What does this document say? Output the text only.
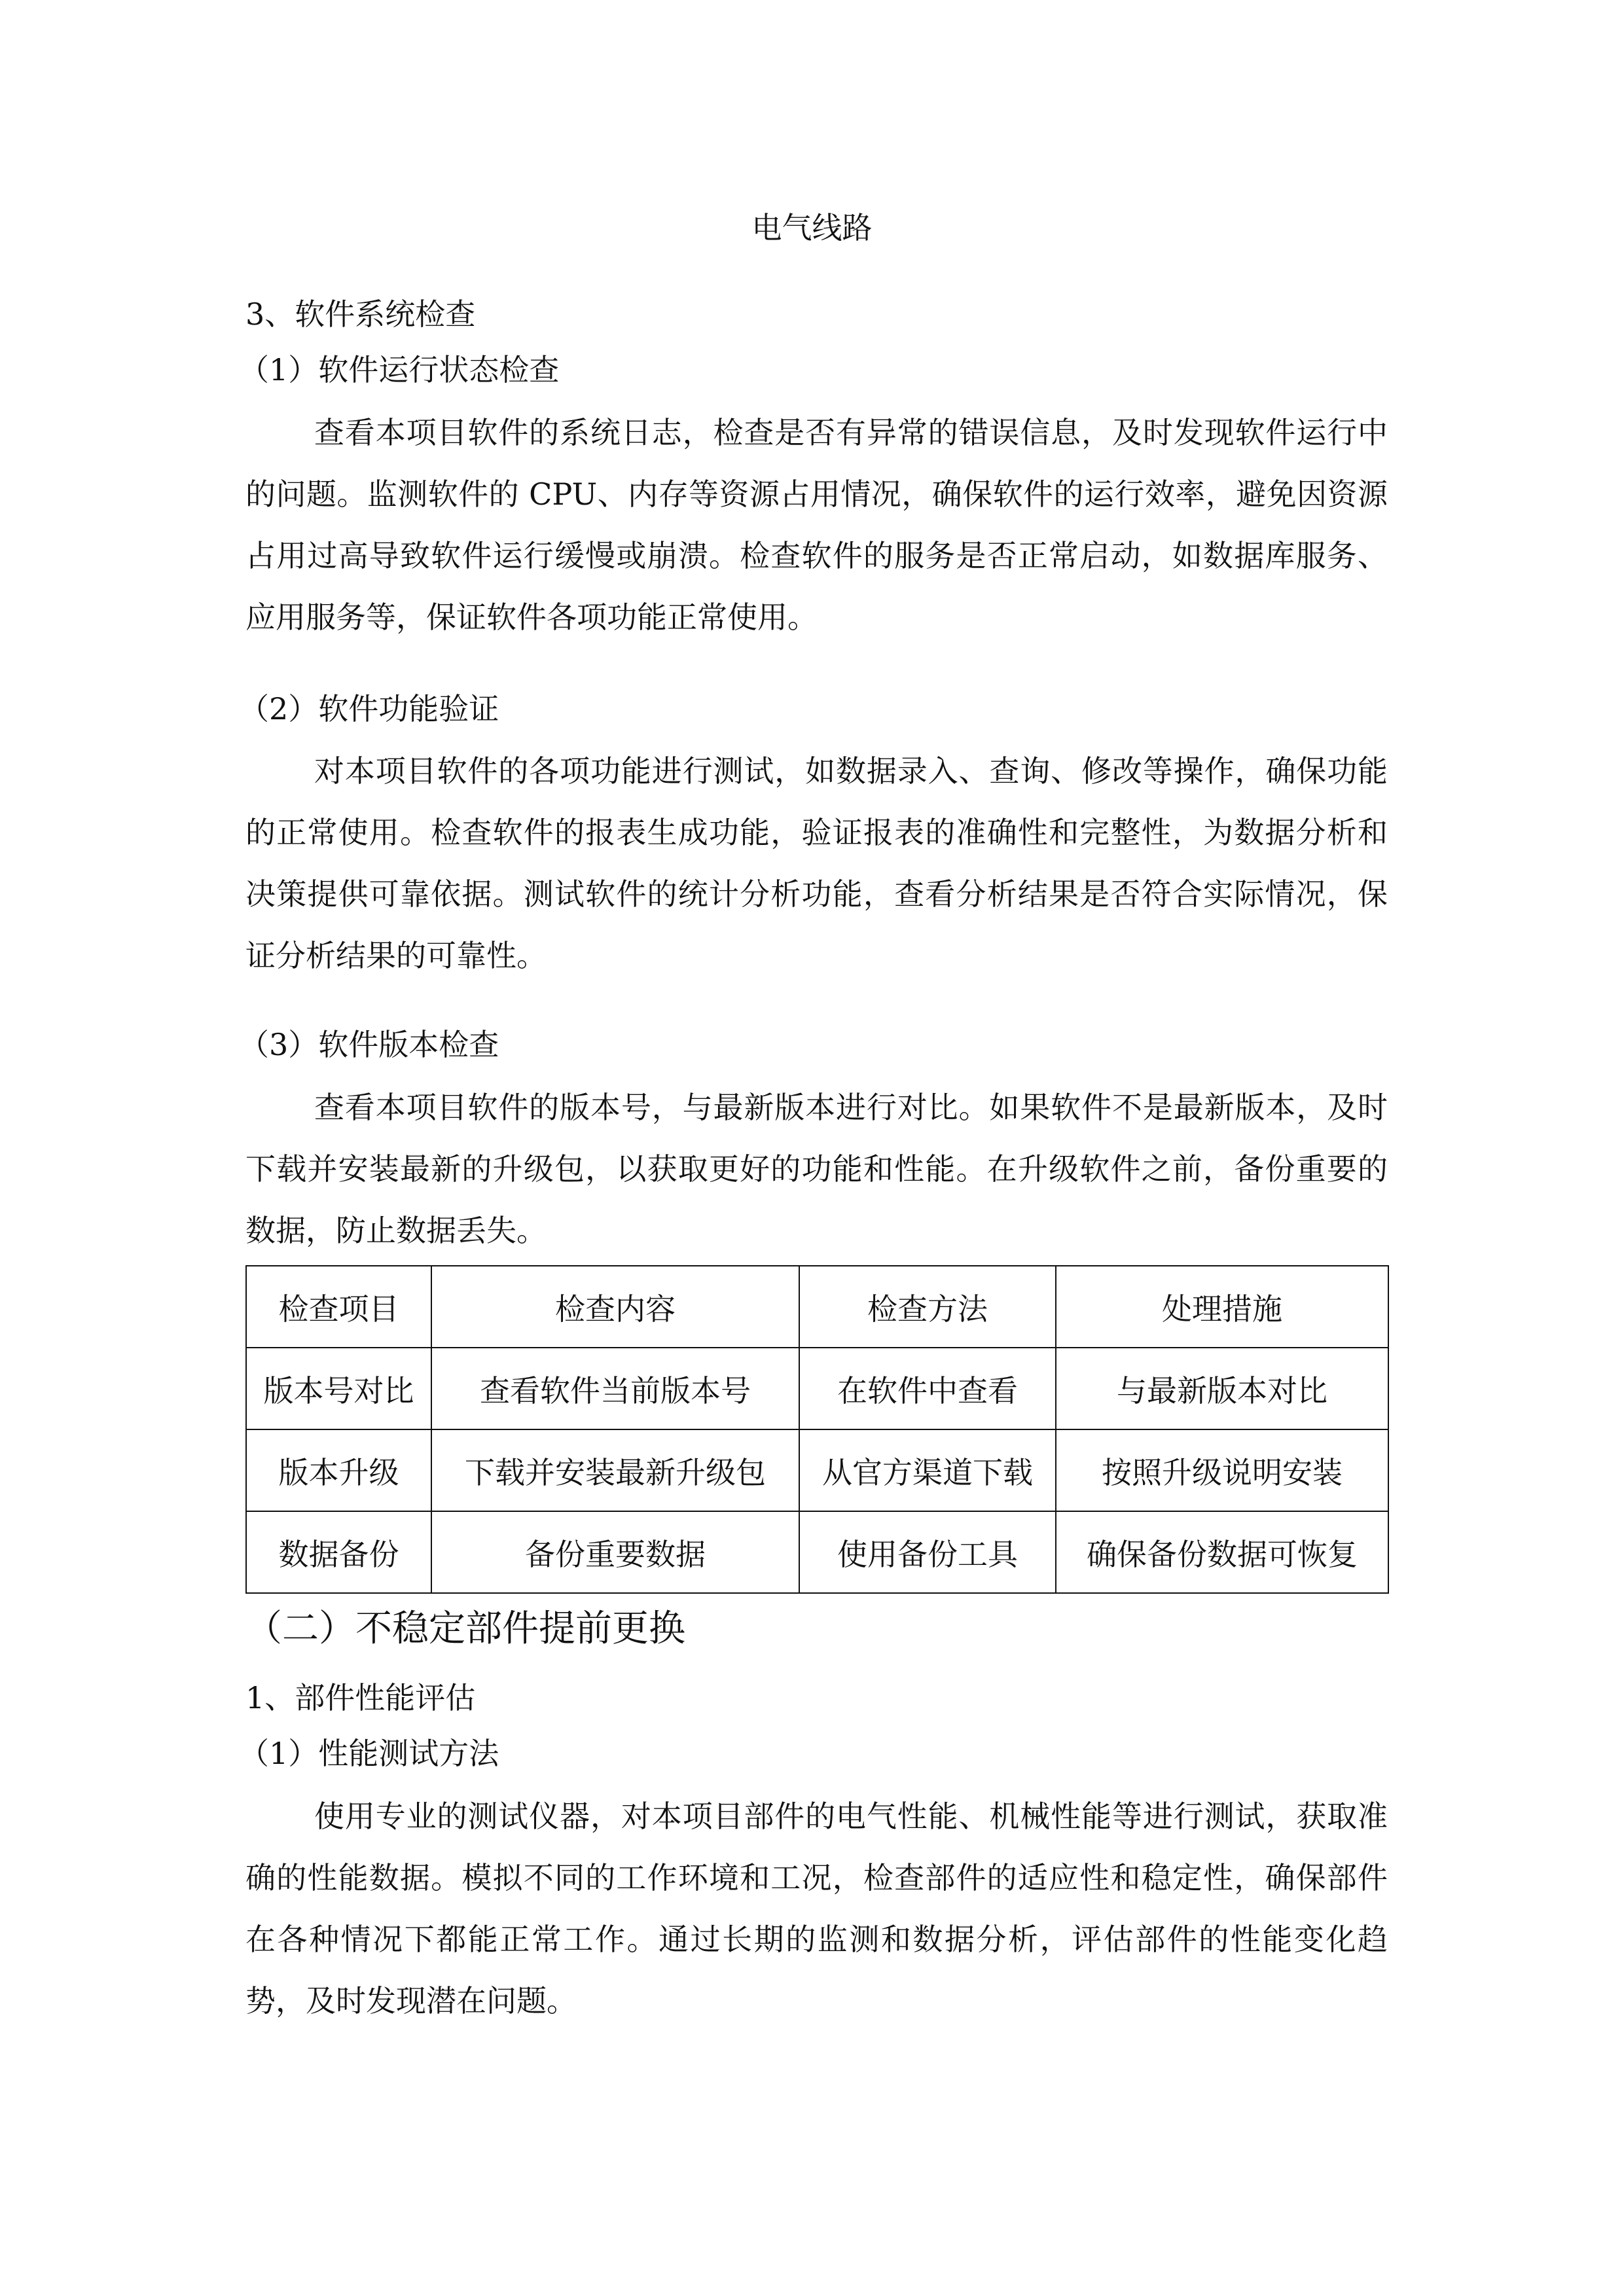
电气线路
3、软件系统检查
（1）软件运行状态检查
查看本项目软件的系统日志，检查是否有异常的错误信息，及时发现软件运行中的问题。监测软件的 CPU、内存等资源占用情况，确保软件的运行效率，避免因资源占用过高导致软件运行缓慢或崩溃。检查软件的服务是否正常启动，如数据库服务、应用服务等，保证软件各项功能正常使用。
（2）软件功能验证
对本项目软件的各项功能进行测试，如数据录入、查询、修改等操作，确保功能的正常使用。检查软件的报表生成功能，验证报表的准确性和完整性，为数据分析和决策提供可靠依据。测试软件的统计分析功能，查看分析结果是否符合实际情况，保证分析结果的可靠性。
（3）软件版本检查
查看本项目软件的版本号，与最新版本进行对比。如果软件不是最新版本，及时下载并安装最新的升级包，以获取更好的功能和性能。在升级软件之前，备份重要的数据，防止数据丢失。
检查项目	检查内容	检查方法	处理措施
版本号对比	查看软件当前版本号	在软件中查看	与最新版本对比
版本升级	下载并安装最新升级包	从官方渠道下载	按照升级说明安装
数据备份	备份重要数据	使用备份工具	确保备份数据可恢复
（二）不稳定部件提前更换
1、部件性能评估
（1）性能测试方法
使用专业的测试仪器，对本项目部件的电气性能、机械性能等进行测试，获取准确的性能数据。模拟不同的工作环境和工况，检查部件的适应性和稳定性，确保部件在各种情况下都能正常工作。通过长期的监测和数据分析，评估部件的性能变化趋势，及时发现潜在问题。
